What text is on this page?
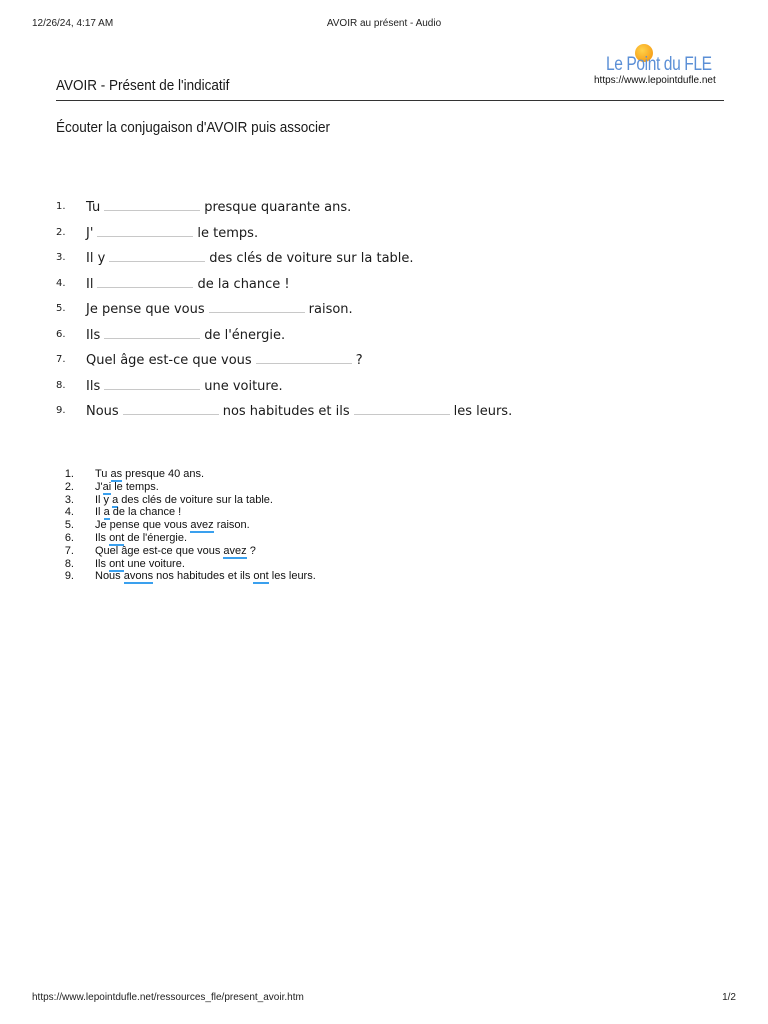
12/26/24, 4:17 AM	AVOIR au présent - Audio
Le Point du FLE
https://www.lepointdufle.net
AVOIR - Présent de l'indicatif
Écouter la conjugaison d'AVOIR puis associer
1. Tu	presque quarante ans.
2. J'	le temps.
3. Il y	des clés de voiture sur la table.
4. Il	de la chance !
5. Je pense que vous	raison.
6. Ils	de l'énergie.
7. Quel âge est-ce que vous	?
8. Ils	une voiture.
9. Nous	nos habitudes et ils	les leurs.
1. Tu as presque 40 ans.
2. J'ai le temps.
3. Il y a des clés de voiture sur la table.
4. Il a de la chance !
5. Je pense que vous avez raison.
6. Ils ont de l'énergie.
7. Quel âge est-ce que vous avez ?
8. Ils ont une voiture.
9. Nous avons nos habitudes et ils ont les leurs.
https://www.lepointdufle.net/ressources_fle/present_avoir.htm	1/2
